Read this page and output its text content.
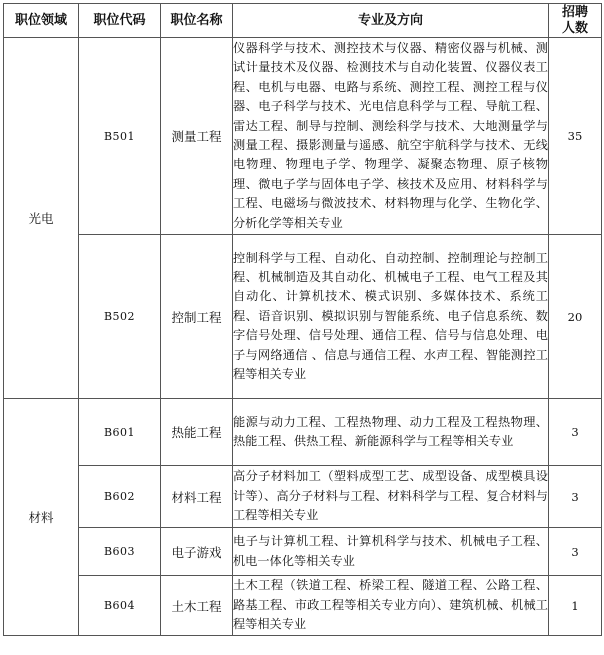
职位领域	职位代码	职位名称	专业及方向	招聘人数
光电	B501	测量工程	仪器科学与技术、测控技术与仪器、精密仪器与机械、测试计量技术及仪器、检测技术与自动化装置、仪器仪表工程、电机与电器、电路与系统、测控工程、测控工程与仪器、电子科学与技术、光电信息科学与工程、导航工程、雷达工程、制导与控制、测绘科学与技术、大地测量学与测量工程、摄影测量与遥感、航空宇航科学与技术、无线电物理、物理电子学、物理学、凝聚态物理、原子核物理、微电子学与固体电子学、核技术及应用、材料科学与工程、电磁场与微波技术、材料物理与化学、生物化学、分析化学等相关专业	35
	B502	控制工程	控制科学与工程、自动化、自动控制、控制理论与控制工程、机械制造及其自动化、机械电子工程、电气工程及其自动化、计算机技术、模式识别、多媒体技术、系统工程、语音识别、模拟识别与智能系统、电子信息系统、数字信号处理、信号处理、通信工程、信号与信息处理、电子与网络通信 、信息与通信工程、水声工程、智能测控工程等相关专业	20
材料	B601	热能工程	能源与动力工程、工程热物理、动力工程及工程热物理、热能工程、供热工程、新能源科学与工程等相关专业	3
	B602	材料工程	高分子材料加工（塑料成型工艺、成型设备、成型模具设计等）、高分子材料与工程、材料科学与工程、复合材料与工程等相关专业	3
	B603	电子游戏	电子与计算机工程、计算机科学与技术、机械电子工程、机电一体化等相关专业	3
	B604	土木工程	土木工程（铁道工程、桥梁工程、隧道工程、公路工程、路基工程、市政工程等相关专业方向）、建筑机械、机械工程等相关专业	1
